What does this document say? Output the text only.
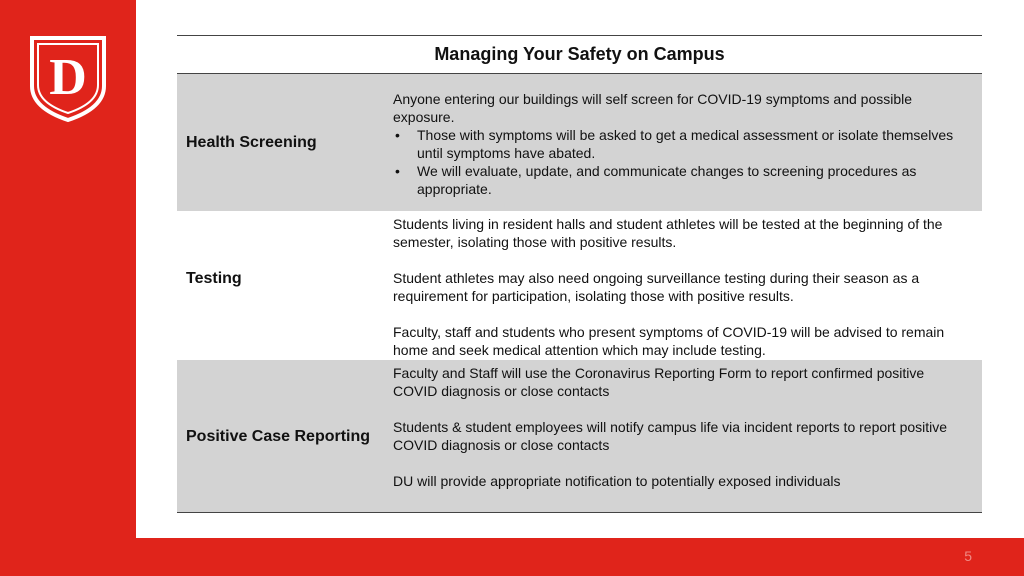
D
5
Managing Your Safety on Campus
Health Screening

Anyone entering our buildings will self screen for COVID-19 symptoms and possible exposure.

• Those with symptoms will be asked to get a medical assessment or isolate themselves until symptoms have abated.
• We will evaluate, update, and communicate changes to screening procedures as appropriate.
Testing

Students living in resident halls and student athletes will be tested at the beginning of the semester, isolating those with positive results.

Student athletes may also need ongoing surveillance testing during their season as a requirement for participation, isolating those with positive results.

Faculty, staff and students who present symptoms of COVID-19 will be advised to remain home and seek medical attention which may include testing.

Positive Case Reporting

Faculty and Staff will use the Coronavirus Reporting Form to report confirmed positive COVID diagnosis or close contacts

Students & student employees will notify campus life via incident reports to report positive COVID diagnosis or close contacts

DU will provide appropriate notification to potentially exposed individuals
